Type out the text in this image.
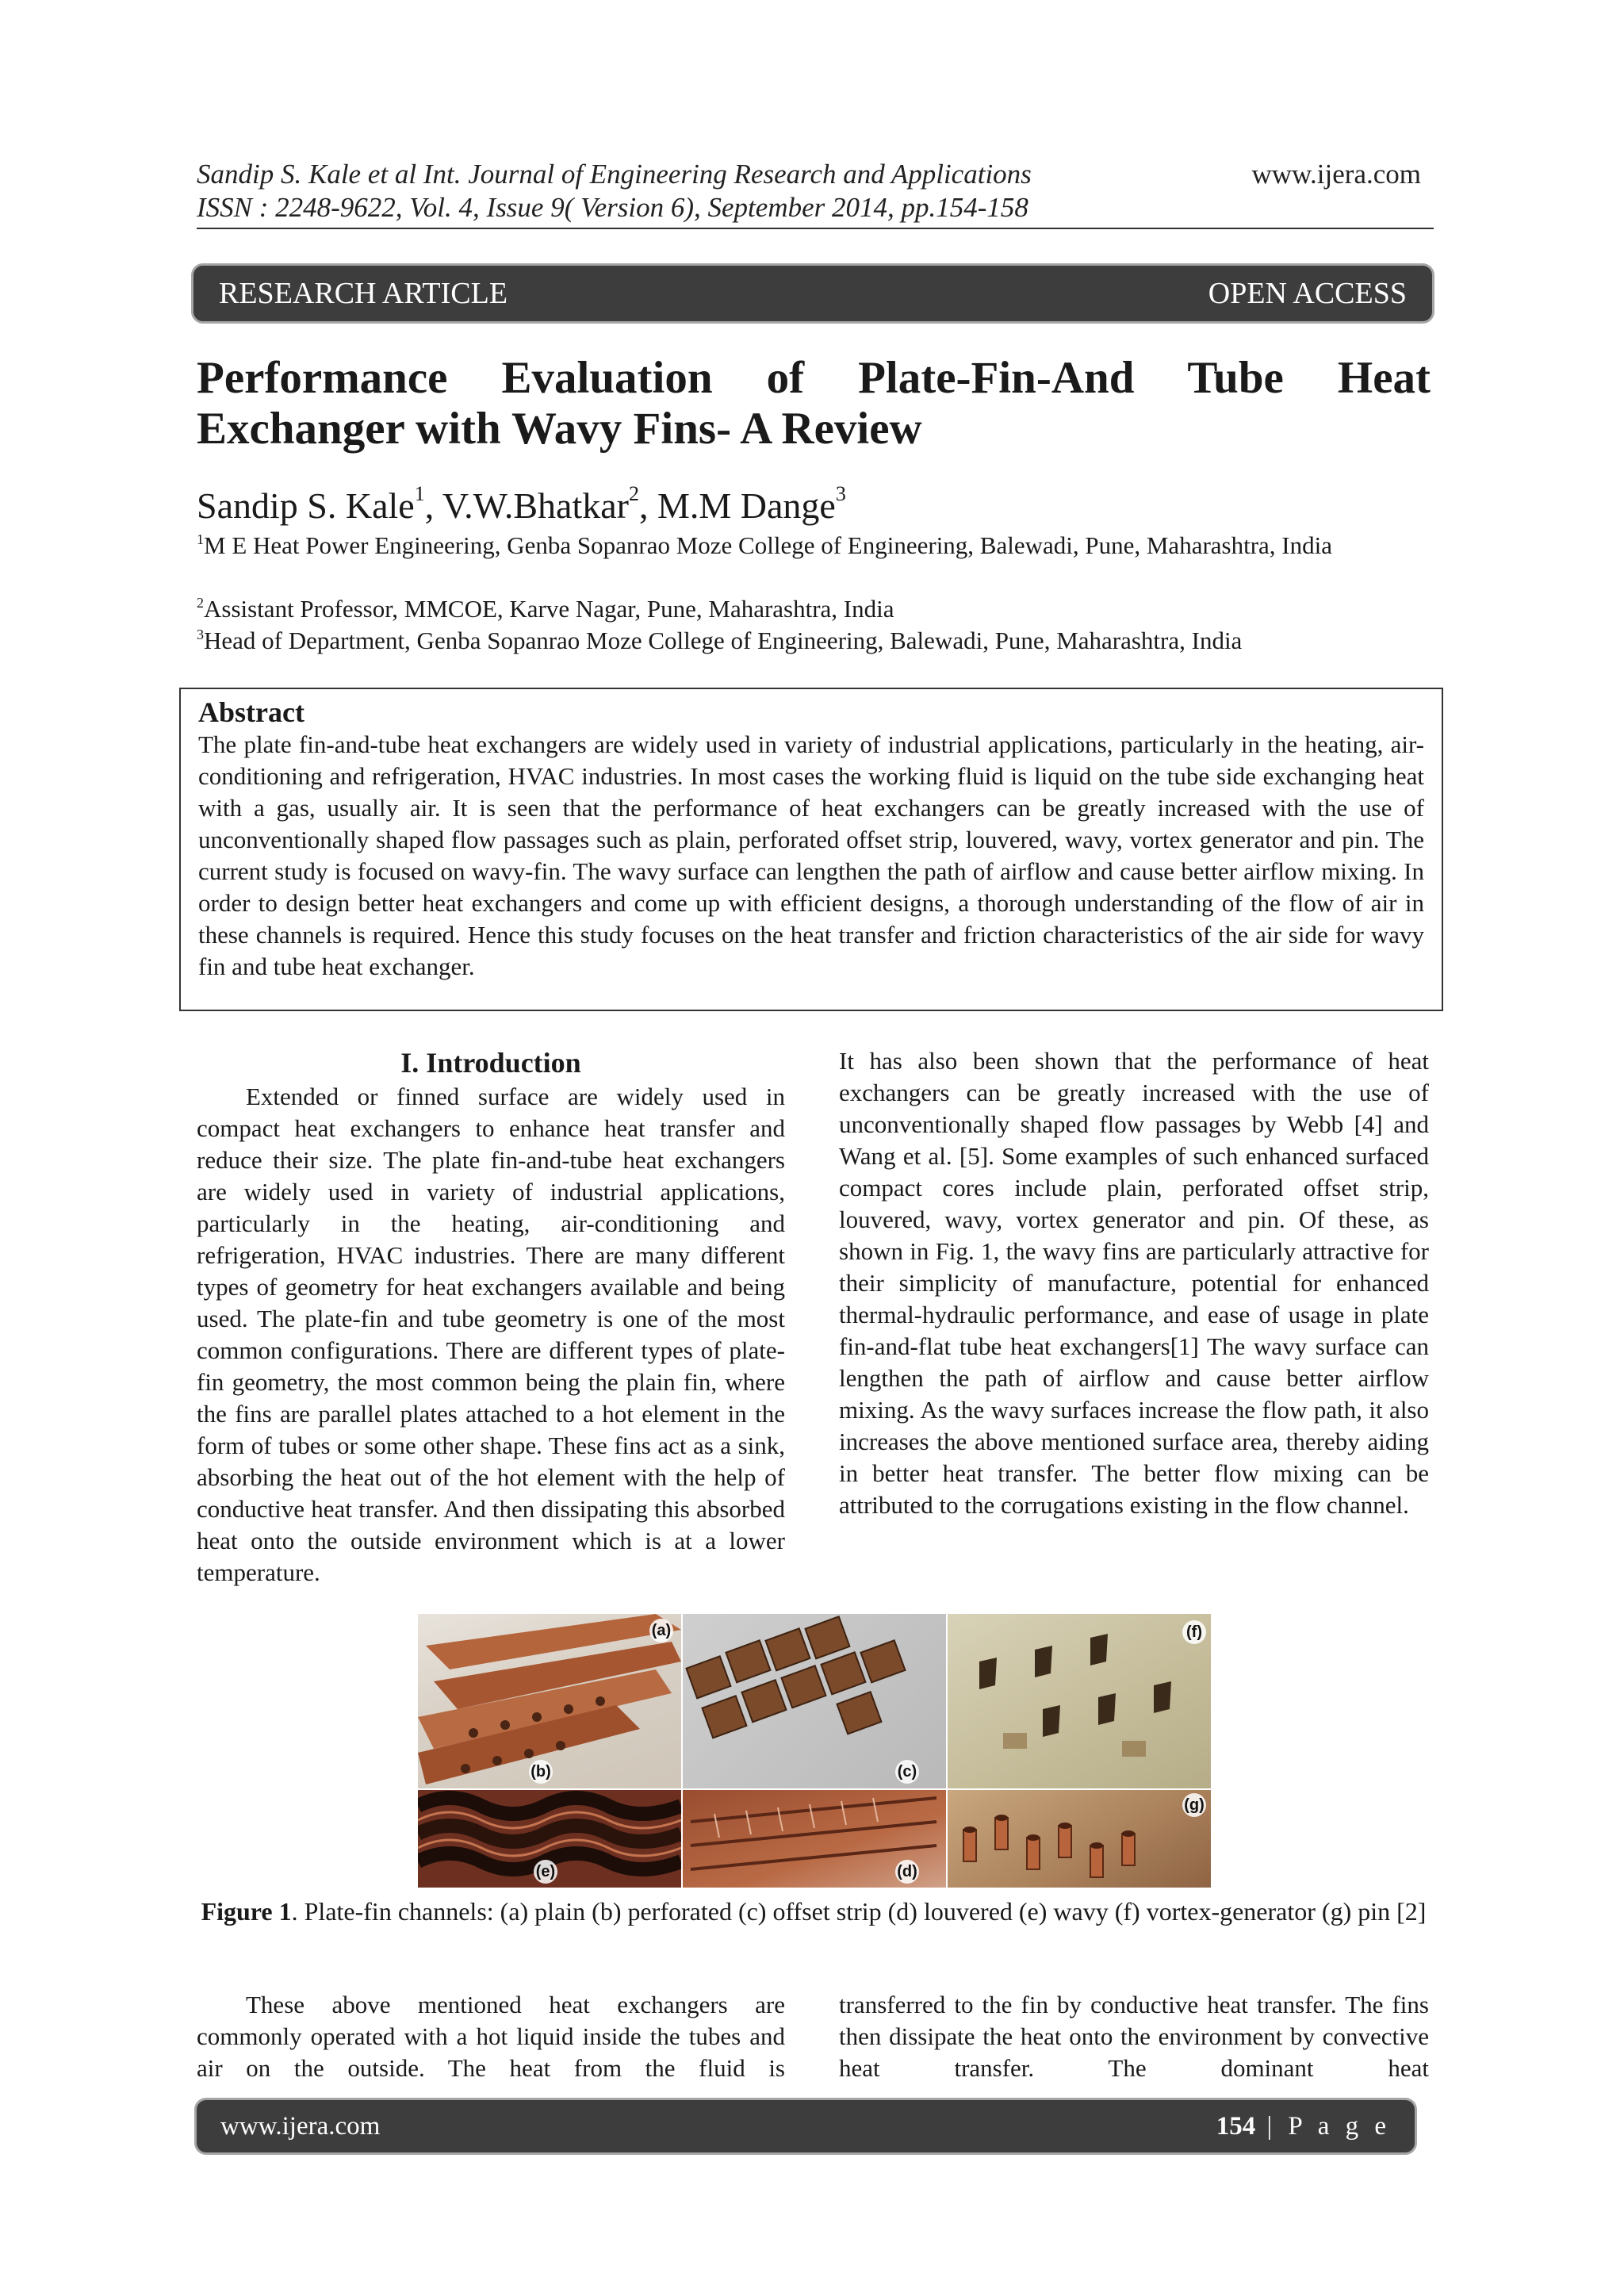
Sandip S. Kale et al Int. Journal of Engineering Research and Applications
ISSN : 2248-9622, Vol. 4, Issue 9( Version 6), September 2014, pp.154-158
www.ijera.com
RESEARCH ARTICLE	OPEN ACCESS
Performance Evaluation of Plate-Fin-And Tube Heat Exchanger with Wavy Fins- A Review
Sandip S. Kale$^1$, V.W.Bhatkar$^2$, M.M Dange$^3$
$^1$M E Heat Power Engineering, Genba Sopanrao Moze College of Engineering, Balewadi, Pune, Maharashtra, India
$^2$Assistant Professor, MMCOE, Karve Nagar, Pune, Maharashtra, India
$^3$Head of Department, Genba Sopanrao Moze College of Engineering, Balewadi, Pune, Maharashtra, India
Abstract

The plate fin-and-tube heat exchangers are widely used in variety of industrial applications, particularly in the heating, air-conditioning and refrigeration, HVAC industries. In most cases the working fluid is liquid on the tube side exchanging heat with a gas, usually air. It is seen that the performance of heat exchangers can be greatly increased with the use of unconventionally shaped flow passages such as plain, perforated offset strip, louvered, wavy, vortex generator and pin. The current study is focused on wavy-fin. The wavy surface can lengthen the path of airflow and cause better airflow mixing. In order to design better heat exchangers and come up with efficient designs, a thorough understanding of the flow of air in these channels is required. Hence this study focuses on the heat transfer and friction characteristics of the air side for wavy fin and tube heat exchanger.

I. Introduction

Extended or finned surface are widely used in compact heat exchangers to enhance heat transfer and reduce their size. The plate fin-and-tube heat exchangers are widely used in variety of industrial applications, particularly in the heating, air-conditioning and refrigeration, HVAC industries. There are many different types of geometry for heat exchangers available and being used. The plate-fin and tube geometry is one of the most common configurations. There are different types of plate-fin geometry, the most common being the plain fin, where the fins are parallel plates attached to a hot element in the form of tubes or some other shape. These fins act as a sink, absorbing the heat out of the hot element with the help of conductive heat transfer. And then dissipating this absorbed heat onto the outside environment which is at a lower temperature.

It has also been shown that the performance of heat exchangers can be greatly increased with the use of unconventionally shaped flow passages by Webb [4] and Wang et al. [5]. Some examples of such enhanced surfaced compact cores include plain, perforated offset strip, louvered, wavy, vortex generator and pin. Of these, as shown in Fig. 1, the wavy fins are particularly attractive for their simplicity of manufacture, potential for enhanced thermal-hydraulic performance, and ease of usage in plate fin-and-flat tube heat exchangers[1] The wavy surface can lengthen the path of airflow and cause better airflow mixing. As the wavy surfaces increase the flow path, it also increases the above mentioned surface area, thereby aiding in better heat transfer. The better flow mixing can be attributed to the corrugations existing in the flow channel.

(a)
(b)	(c)
(f)
(e)	(d)
(g)
Figure 1. Plate-fin channels: (a) plain (b) perforated (c) offset strip (d) louvered (e) wavy (f) vortex-generator (g) pin [2]

These above mentioned heat exchangers are commonly operated with a hot liquid inside the tubes and air on the outside. The heat from the fluid is

transferred to the fin by conductive heat transfer. The fins then dissipate the heat onto the environment by convective heat transfer. The dominant heat

www.ijera.com	154 | P a g e
